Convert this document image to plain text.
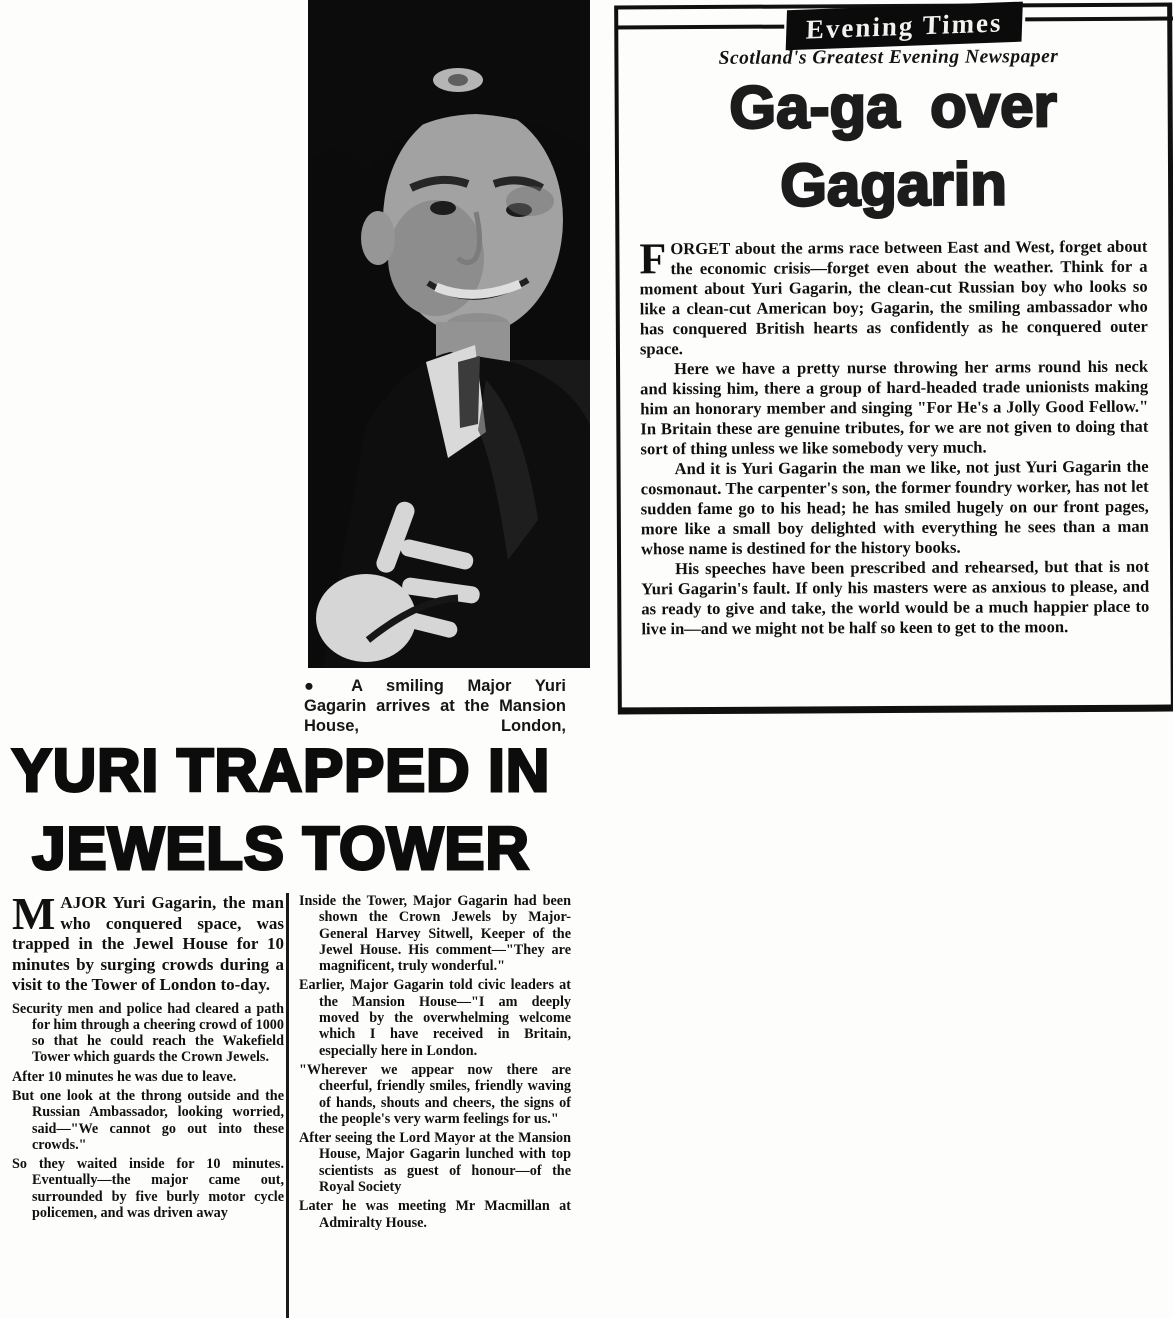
● A smiling Major Yuri Gagarin arrives at the Mansion House, London,
YURI TRAPPED IN
JEWELS TOWER

MAJOR Yuri Gagarin, the man who conquered space, was trapped in the Jewel House for 10 minutes by surging crowds during a visit to the Tower of London to-day.

Security men and police had cleared a path for him through a cheering crowd of 1000 so that he could reach the Wakefield Tower which guards the Crown Jewels.

After 10 minutes he was due to leave.

But one look at the throng outside and the Russian Ambassador, looking worried, said—"We cannot go out into these crowds."

So they waited inside for 10 minutes. Eventually—the major came out, surrounded by five burly motor cycle policemen, and was driven away

Inside the Tower, Major Gagarin had been shown the Crown Jewels by Major-General Harvey Sitwell, Keeper of the Jewel House. His comment—"They are magnificent, truly wonderful."

Earlier, Major Gagarin told civic leaders at the Mansion House—"I am deeply moved by the overwhelming welcome which I have received in Britain, especially here in London.

"Wherever we appear now there are cheerful, friendly smiles, friendly waving of hands, shouts and cheers, the signs of the people's very warm feelings for us."

After seeing the Lord Mayor at the Mansion House, Major Gagarin lunched with top scientists as guest of honour—of the Royal Society

Later he was meeting Mr Macmillan at Admiralty House.

Evening Times
Scotland's Greatest Evening Newspaper
Ga-ga over
Gagarin

FORGET about the arms race between East and West, forget about the economic crisis—forget even about the weather. Think for a moment about Yuri Gagarin, the clean-cut Russian boy who looks so like a clean-cut American boy; Gagarin, the smiling ambassador who has conquered British hearts as confidently as he conquered outer space.

Here we have a pretty nurse throwing her arms round his neck and kissing him, there a group of hard-headed trade unionists making him an honorary member and singing "For He's a Jolly Good Fellow." In Britain these are genuine tributes, for we are not given to doing that sort of thing unless we like somebody very much.

And it is Yuri Gagarin the man we like, not just Yuri Gagarin the cosmonaut. The carpenter's son, the former foundry worker, has not let sudden fame go to his head; he has smiled hugely on our front pages, more like a small boy delighted with everything he sees than a man whose name is destined for the history books.

His speeches have been prescribed and rehearsed, but that is not Yuri Gagarin's fault. If only his masters were as anxious to please, and as ready to give and take, the world would be a much happier place to live in—and we might not be half so keen to get to the moon.
